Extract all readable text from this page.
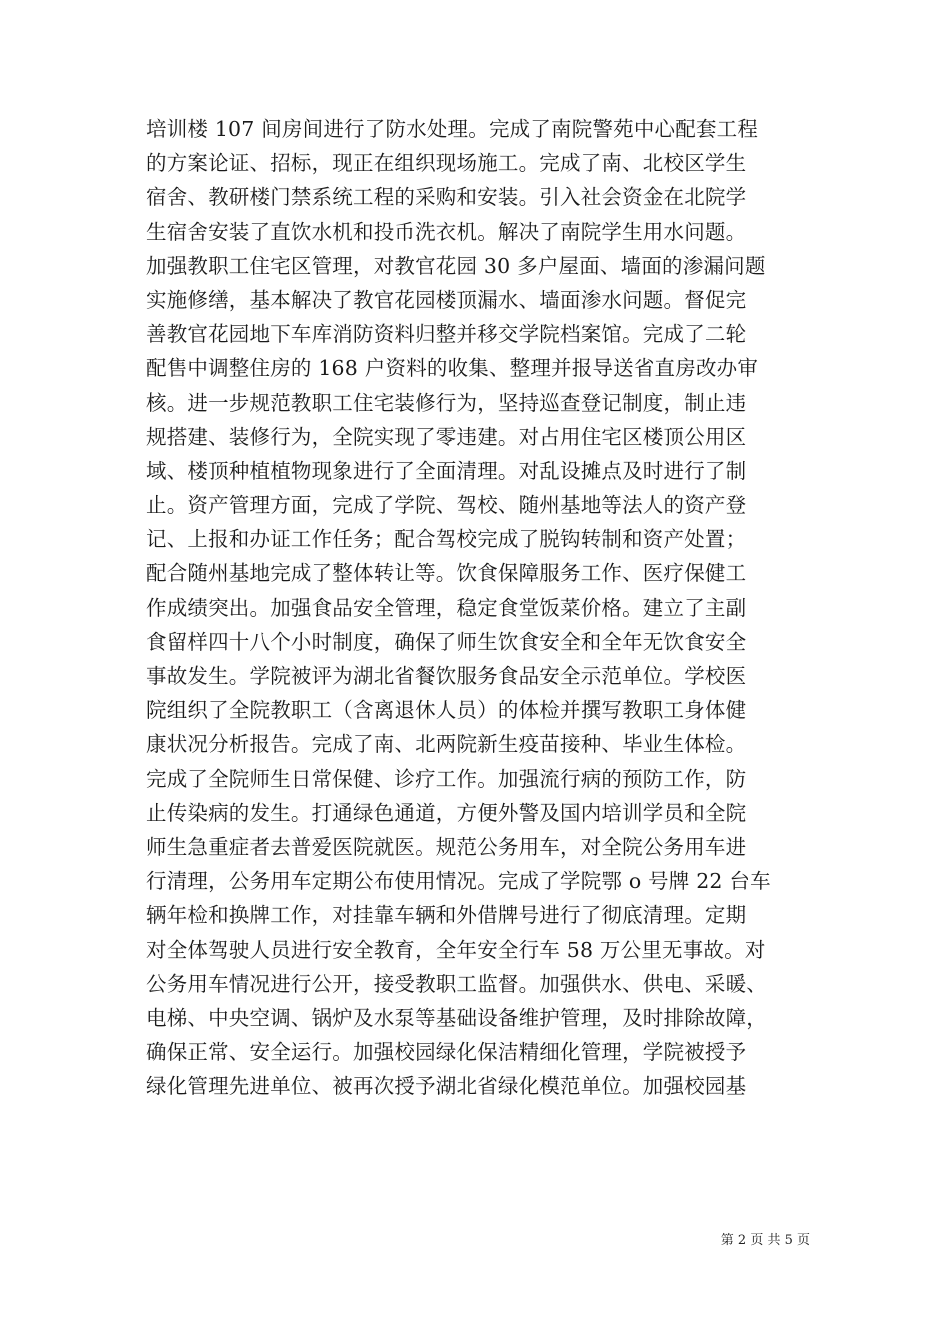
培训楼 107 间房间进行了防水处理。完成了南院警苑中心配套工程
的方案论证、招标，现正在组织现场施工。完成了南、北校区学生
宿舍、教研楼门禁系统工程的采购和安装。引入社会资金在北院学
生宿舍安装了直饮水机和投币洗衣机。解决了南院学生用水问题。
加强教职工住宅区管理，对教官花园 30 多户屋面、墙面的渗漏问题
实施修缮，基本解决了教官花园楼顶漏水、墙面渗水问题。督促完
善教官花园地下车库消防资料归整并移交学院档案馆。完成了二轮
配售中调整住房的 168 户资料的收集、整理并报导送省直房改办审
核。进一步规范教职工住宅装修行为，坚持巡查登记制度，制止违
规搭建、装修行为，全院实现了零违建。对占用住宅区楼顶公用区
域、楼顶种植植物现象进行了全面清理。对乱设摊点及时进行了制
止。资产管理方面，完成了学院、驾校、随州基地等法人的资产登
记、上报和办证工作任务；配合驾校完成了脱钩转制和资产处置；
配合随州基地完成了整体转让等。饮食保障服务工作、医疗保健工
作成绩突出。加强食品安全管理，稳定食堂饭菜价格。建立了主副
食留样四十八个小时制度，确保了师生饮食安全和全年无饮食安全
事故发生。学院被评为湖北省餐饮服务食品安全示范单位。学校医
院组织了全院教职工（含离退休人员）的体检并撰写教职工身体健
康状况分析报告。完成了南、北两院新生疫苗接种、毕业生体检。
完成了全院师生日常保健、诊疗工作。加强流行病的预防工作，防
止传染病的发生。打通绿色通道，方便外警及国内培训学员和全院
师生急重症者去普爱医院就医。规范公务用车，对全院公务用车进
行清理，公务用车定期公布使用情况。完成了学院鄂 o 号牌 22 台车
辆年检和换牌工作，对挂靠车辆和外借牌号进行了彻底清理。定期
对全体驾驶人员进行安全教育，全年安全行车 58 万公里无事故。对
公务用车情况进行公开，接受教职工监督。加强供水、供电、采暖、
电梯、中央空调、锅炉及水泵等基础设备维护管理，及时排除故障，
确保正常、安全运行。加强校园绿化保洁精细化管理，学院被授予
绿化管理先进单位、被再次授予湖北省绿化模范单位。加强校园基
第 2 页 共 5 页
